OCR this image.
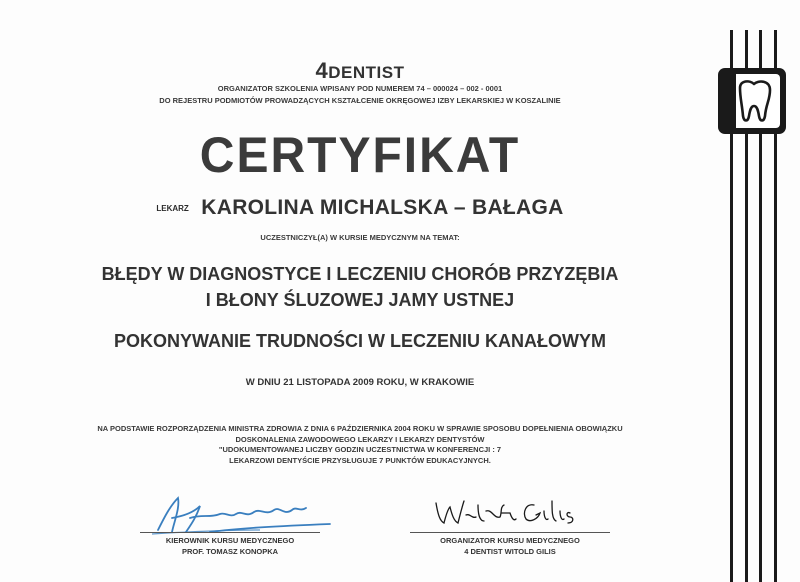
4DENTIST
ORGANIZATOR SZKOLENIA WPISANY POD NUMEREM 74 – 000024 – 002 - 0001
DO REJESTRU PODMIOTÓW PROWADZĄCYCH KSZTAŁCENIE OKRĘGOWEJ IZBY LEKARSKIEJ W KOSZALINIE
CERTYFIKAT
LEKARZ KAROLINA MICHALSKA – BAŁAGA
UCZESTNICZYŁ(A) W KURSIE MEDYCZNYM NA TEMAT:
BŁĘDY W DIAGNOSTYCE I LECZENIU CHORÓB PRZYZĘBIA
I BŁONY ŚLUZOWEJ JAMY USTNEJ
POKONYWANIE TRUDNOŚCI W LECZENIU KANAŁOWYM
W DNIU 21 LISTOPADA 2009 ROKU, W KRAKOWIE
NA PODSTAWIE ROZPORZĄDZENIA MINISTRA ZDROWIA Z DNIA 6 PAŹDZIERNIKA 2004 ROKU W SPRAWIE SPOSOBU DOPEŁNIENIA OBOWIĄZKU
DOSKONALENIA ZAWODOWEGO LEKARZY I LEKARZY DENTYSTÓW
"UDOKUMENTOWANEJ LICZBY GODZIN UCZESTNICTWA W KONFERENCJI : 7
LEKARZOWI DENTYŚCIE PRZYSŁUGUJE 7 PUNKTÓW EDUKACYJNYCH.
KIEROWNIK KURSU MEDYCZNEGO
PROF. TOMASZ KONOPKA
ORGANIZATOR KURSU MEDYCZNEGO
4 DENTIST WITOLD GILIS
